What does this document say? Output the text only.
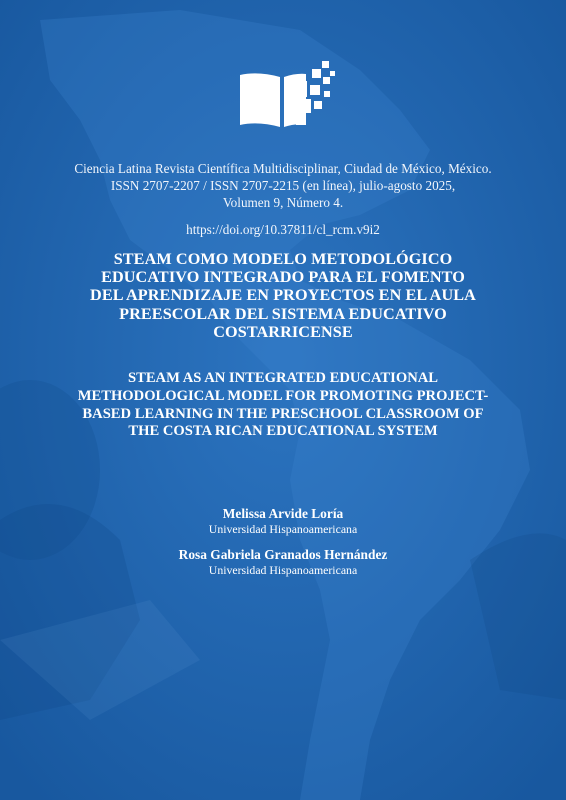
Ciencia Latina Revista Científica Multidisciplinar, Ciudad de México, México.
ISSN 2707-2207 / ISSN 2707-2215 (en línea), julio-agosto 2025,
Volumen 9, Número 4.
https://doi.org/10.37811/cl_rcm.v9i2
STEAM COMO MODELO METODOLÓGICO
EDUCATIVO INTEGRADO PARA EL FOMENTO
DEL APRENDIZAJE EN PROYECTOS EN EL AULA
PREESCOLAR DEL SISTEMA EDUCATIVO
COSTARRICENSE
STEAM AS AN INTEGRATED EDUCATIONAL
METHODOLOGICAL MODEL FOR PROMOTING PROJECT-
BASED LEARNING IN THE PRESCHOOL CLASSROOM OF
THE COSTA RICAN EDUCATIONAL SYSTEM
Melissa Arvide Loría
Universidad Hispanoamericana
Rosa Gabriela Granados Hernández
Universidad Hispanoamericana
